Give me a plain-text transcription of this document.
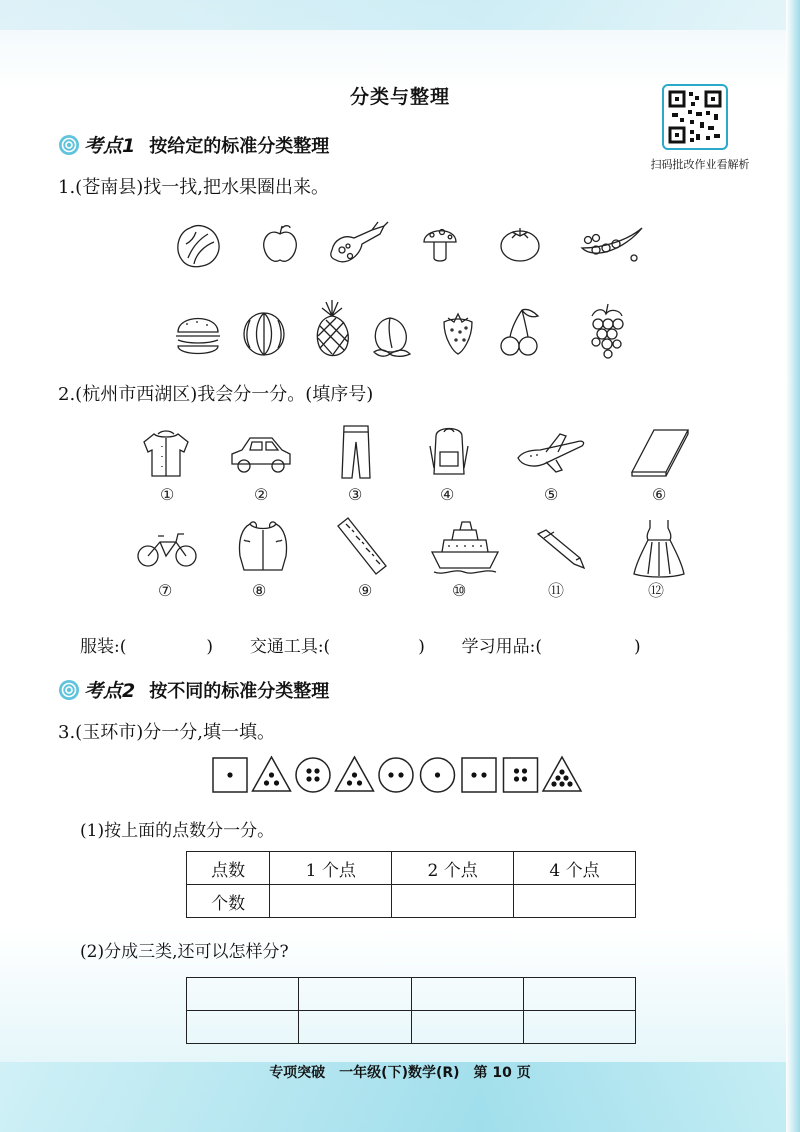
分类与整理
扫码批改作业看解析
考点1 按给定的标准分类整理
1.(苍南县)找一找,把水果圈出来。
2.(杭州市西湖区)我会分一分。(填序号)
①	②	③	④	⑤	⑥
⑦	⑧	⑨	⑩	⑪	⑫
服装:(	) 交通工具:(	) 学习用品:(	)
考点2 按不同的标准分类整理
3.(玉环市)分一分,填一填。
(1)按上面的点数分一分。
点数	1 个点	2 个点	4 个点
个数			
(2)分成三类,还可以怎样分?

专项突破　一年级(下)数学(R)　第 10 页
